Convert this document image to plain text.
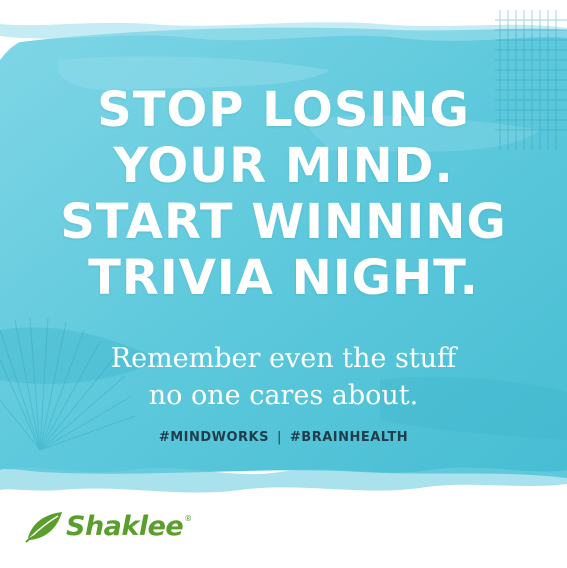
STOP LOSING
YOUR MIND.
START WINNING
TRIVIA NIGHT.
Remember even the stuff
no one cares about.
#MINDWORKS | #BRAINHEALTH
Shaklee ®
